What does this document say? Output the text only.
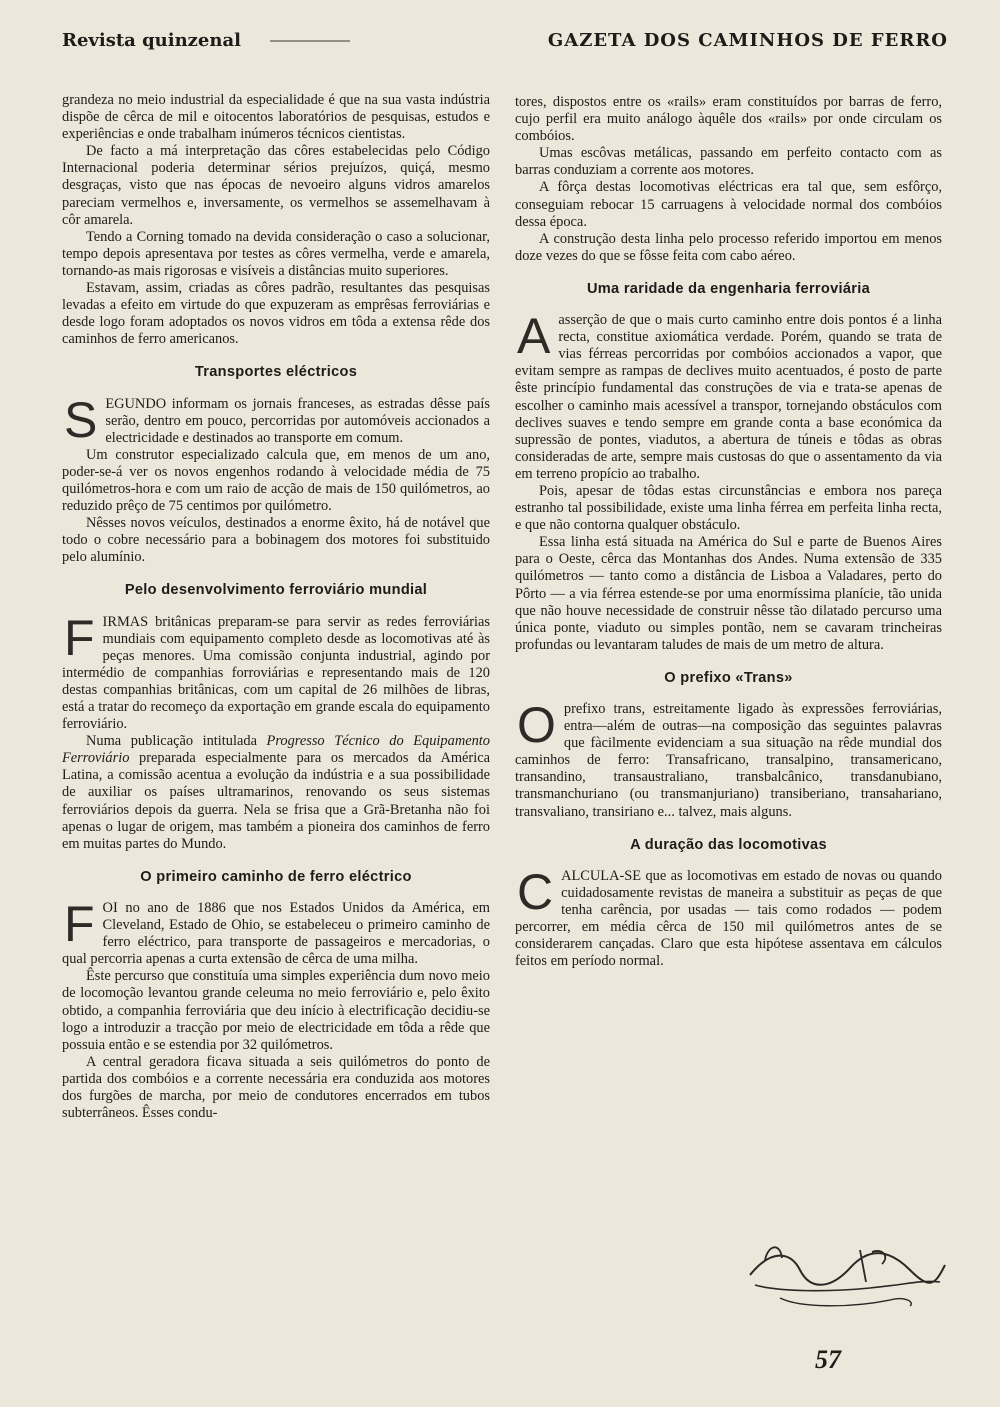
Revista quinzenal	GAZETA DOS CAMINHOS DE FERRO

grandeza no meio industrial da especialidade é que na sua vasta indústria dispõe de cêrca de mil e oitocentos laboratórios de pesquisas, estudos e experiências e onde trabalham inúmeros técnicos cientistas.

De facto a má interpretação das côres estabelecidas pelo Código Internacional poderia determinar sérios prejuízos, quiçá, mesmo desgraças, visto que nas épocas de nevoeiro alguns vidros amarelos pareciam vermelhos e, inversamente, os vermelhos se assemelhavam à côr amarela.

Tendo a Corning tomado na devida consideração o caso a solucionar, tempo depois apresentava por testes as côres vermelha, verde e amarela, tornando-as mais rigorosas e visíveis a distâncias muito superiores.

Estavam, assim, criadas as côres padrão, resultantes das pesquisas levadas a efeito em virtude do que expuzeram as emprêsas ferroviárias e desde logo foram adoptados os novos vidros em tôda a extensa rêde dos caminhos de ferro americanos.

Transportes eléctricos

SEGUNDO informam os jornais franceses, as estradas dêsse país serão, dentro em pouco, percorridas por automóveis accionados a electricidade e destinados ao transporte em comum.

Um construtor especializado calcula que, em menos de um ano, poder-se-á ver os novos engenhos rodando à velocidade média de 75 quilómetros-hora e com um raio de acção de mais de 150 quilómetros, ao reduzido prêço de 75 centimos por quilómetro.

Nêsses novos veículos, destinados a enorme êxito, há de notável que todo o cobre necessário para a bobinagem dos motores foi substituido pelo alumínio.

Pelo desenvolvimento ferroviário mundial

FIRMAS britânicas preparam-se para servir as redes ferroviárias mundiais com equipamento completo desde as locomotivas até às peças menores. Uma comissão conjunta industrial, agindo por intermédio de companhias forroviárias e representando mais de 120 destas companhias britânicas, com um capital de 26 milhões de libras, está a tratar do recomeço da exportação em grande escala do equipamento ferroviário.

Numa publicação intitulada Progresso Técnico do Equipamento Ferroviário preparada especialmente para os mercados da América Latina, a comissão acentua a evolução da indústria e a sua possibilidade de auxiliar os países ultramarinos, renovando os seus sistemas ferroviários depois da guerra. Nela se frisa que a Grã-Bretanha não foi apenas o lugar de origem, mas também a pioneira dos caminhos de ferro em muitas partes do Mundo.

O primeiro caminho de ferro eléctrico

FOI no ano de 1886 que nos Estados Unidos da América, em Cleveland, Estado de Ohio, se estabeleceu o primeiro caminho de ferro eléctrico, para transporte de passageiros e mercadorias, o qual percorria apenas a curta extensão de cêrca de uma milha.

Êste percurso que constituía uma simples experiência dum novo meio de locomoção levantou grande celeuma no meio ferroviário e, pelo êxito obtido, a companhia ferroviária que deu início à electrificação decidiu-se logo a introduzir a tracção por meio de electricidade em tôda a rêde que possuia então e se estendia por 32 quilómetros.

A central geradora ficava situada a seis quilómetros do ponto de partida dos combóios e a corrente necessária era conduzida aos motores dos furgões de marcha, por meio de condutores encerrados em tubos subterrâneos. Êsses condu-

tores, dispostos entre os «rails» eram constituídos por barras de ferro, cujo perfil era muito análogo àquêle dos «rails» por onde circulam os combóios.

Umas escôvas metálicas, passando em perfeito contacto com as barras conduziam a corrente aos motores.

A fôrça destas locomotivas eléctricas era tal que, sem esfôrço, conseguiam rebocar 15 carruagens à velocidade normal dos combóios dessa época.

A construção desta linha pelo processo referido importou em menos doze vezes do que se fôsse feita com cabo aéreo.

Uma raridade da engenharia ferroviária

Aasserção de que o mais curto caminho entre dois pontos é a linha recta, constitue axiomática verdade. Porém, quando se trata de vias férreas percorridas por combóios accionados a vapor, que evitam sempre as rampas de declives muito acentuados, é posto de parte êste princípio fundamental das construções de via e trata-se apenas de escolher o caminho mais acessível a transpor, tornejando obstáculos com declives suaves e tendo sempre em grande conta a base económica da supressão de pontes, viadutos, a abertura de túneis e tôdas as obras consideradas de arte, sempre mais custosas do que o assentamento da via em terreno propício ao trabalho.

Pois, apesar de tôdas estas circunstâncias e embora nos pareça estranho tal possibilidade, existe uma linha férrea em perfeita linha recta, e que não contorna qualquer obstáculo.

Essa linha está situada na América do Sul e parte de Buenos Aires para o Oeste, cêrca das Montanhas dos Andes. Numa extensão de 335 quilómetros — tanto como a distância de Lisboa a Valadares, perto do Pôrto — a via férrea estende-se por uma enormíssima planície, tão unida que não houve necessidade de construir nêsse tão dilatado percurso uma única ponte, viaduto ou simples pontão, nem se cavaram trincheiras profundas ou levantaram taludes de mais de um metro de altura.

O prefixo «Trans»

Oprefixo trans, estreitamente ligado às expressões ferroviárias, entra—além de outras—na composição das seguintes palavras que fàcilmente evidenciam a sua situação na rêde mundial dos caminhos de ferro: Transafricano, transalpino, transamericano, transandino, transaustraliano, transbalcânico, transdanubiano, transmanchuriano (ou transmanjuriano) transiberiano, transahariano, transvaliano, transiriano e... talvez, mais alguns.

A duração das locomotivas

CALCULA-SE que as locomotivas em estado de novas ou quando cuidadosamente revistas de maneira a substituir as peças de que tenha carência, por usadas — tais como rodados — podem percorrer, em média cêrca de 150 mil quilómetros antes de se considerarem cançadas. Claro que esta hipótese assentava em cálculos feitos em período normal.

57
